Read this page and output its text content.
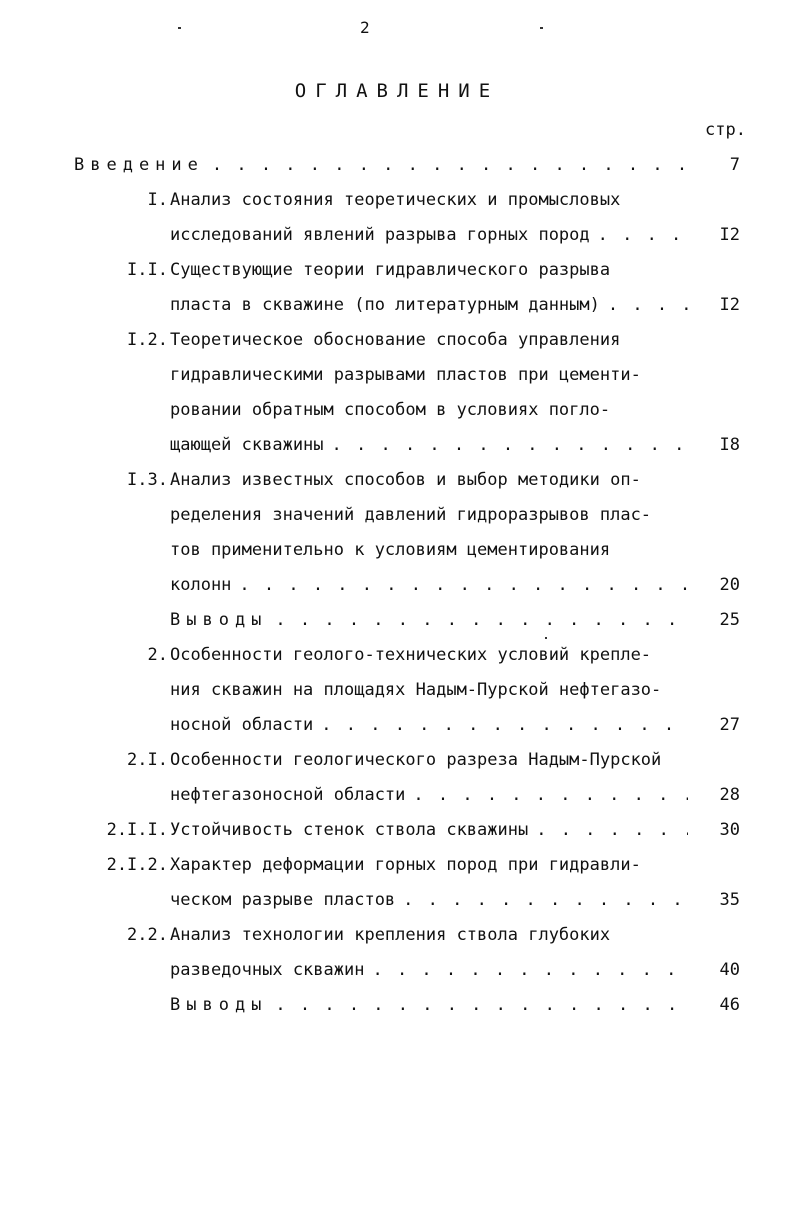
2
ОГЛАВЛЕНИЕ
стр.
Введение . . .	7
I. Анализ состояния теоретических и промысловых
исследований явлений разрыва горных пород . . .	I2
I.I. Существующие теории гидравлического разрыва
пласта в скважине (по литературным данным) . . .	I2
I.2. Теоретическое обоснование способа управления
гидравлическими разрывами пластов при цементи-
ровании обратным способом в условиях погло-
щающей скважины . . .	I8
I.3. Анализ известных способов и выбор методики оп-
ределения значений давлений гидроразрывов плас-
тов применительно к условиям цементирования
колонн . . .	20
Выводы . . .	25
2. Особенности геолого-технических условий крепле-
ния скважин на площадях Надым-Пурской нефтегазо-
носной области . . .	27
2.I. Особенности геологического разреза Надым-Пурской
нефтегазоносной области . . .	28
2.I.I. Устойчивость стенок ствола скважины . . .	30
2.I.2. Характер деформации горных пород при гидравли-
ческом разрыве пластов . . .	35
2.2. Анализ технологии крепления ствола глубоких
разведочных скважин . . .	40
Выводы . . .	46
